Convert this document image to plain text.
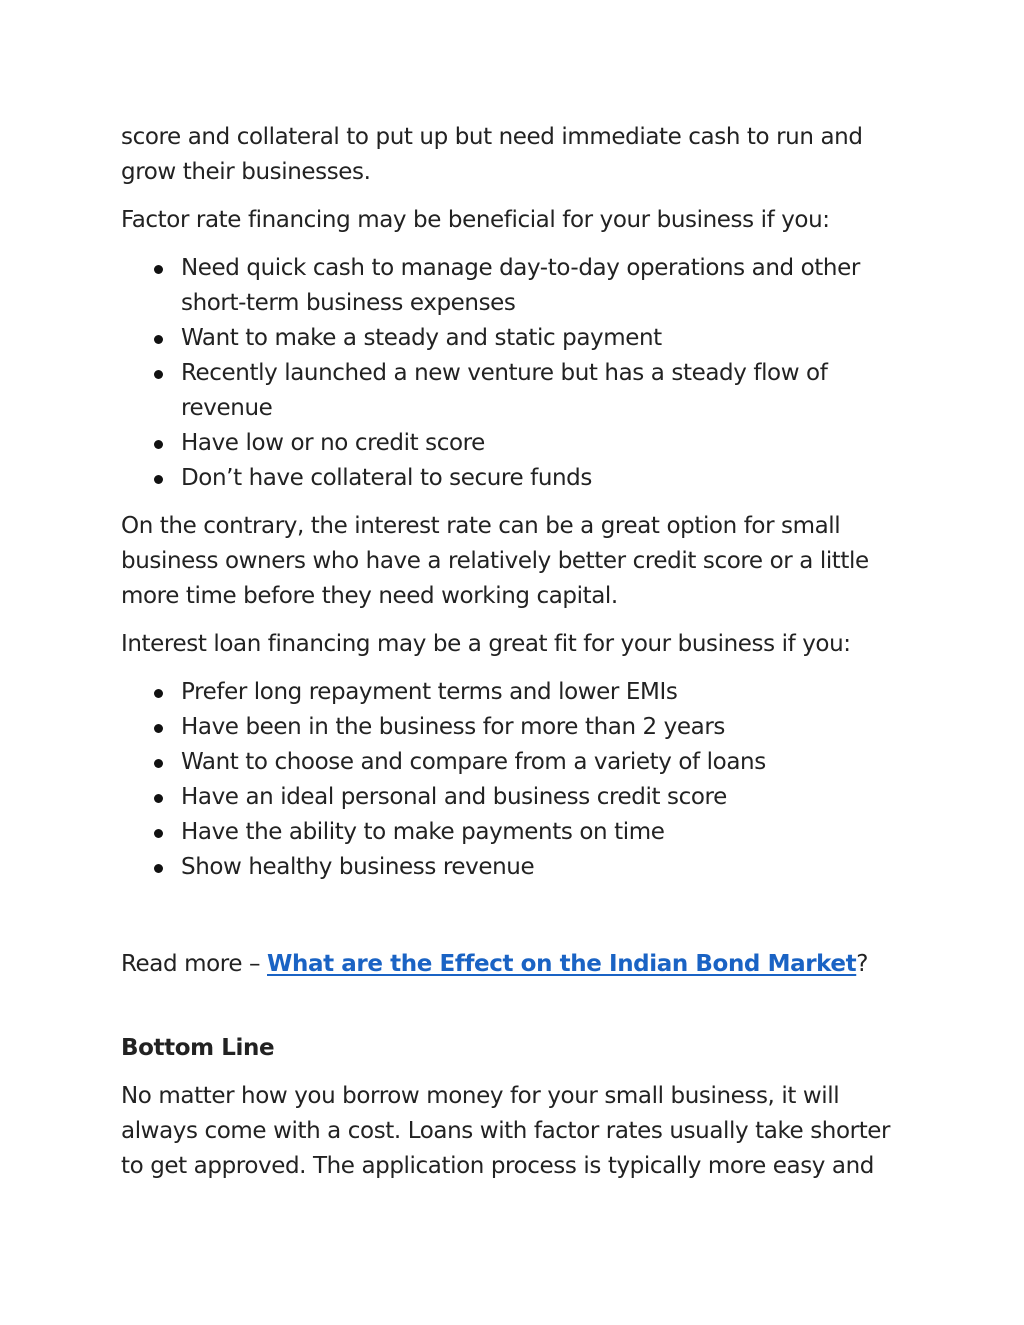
score and collateral to put up but need immediate cash to run and grow their businesses.

Factor rate financing may be beneficial for your business if you:

Need quick cash to manage day-to-day operations and other short-term business expenses
Want to make a steady and static payment
Recently launched a new venture but has a steady flow of revenue
Have low or no credit score
Don’t have collateral to secure funds

On the contrary, the interest rate can be a great option for small business owners who have a relatively better credit score or a little more time before they need working capital.

Interest loan financing may be a great fit for your business if you:

Prefer long repayment terms and lower EMIs
Have been in the business for more than 2 years
Want to choose and compare from a variety of loans
Have an ideal personal and business credit score
Have the ability to make payments on time
Show healthy business revenue

Read more – What are the Effect on the Indian Bond Market?

Bottom Line

No matter how you borrow money for your small business, it will always come with a cost. Loans with factor rates usually take shorter to get approved. The application process is typically more easy and
